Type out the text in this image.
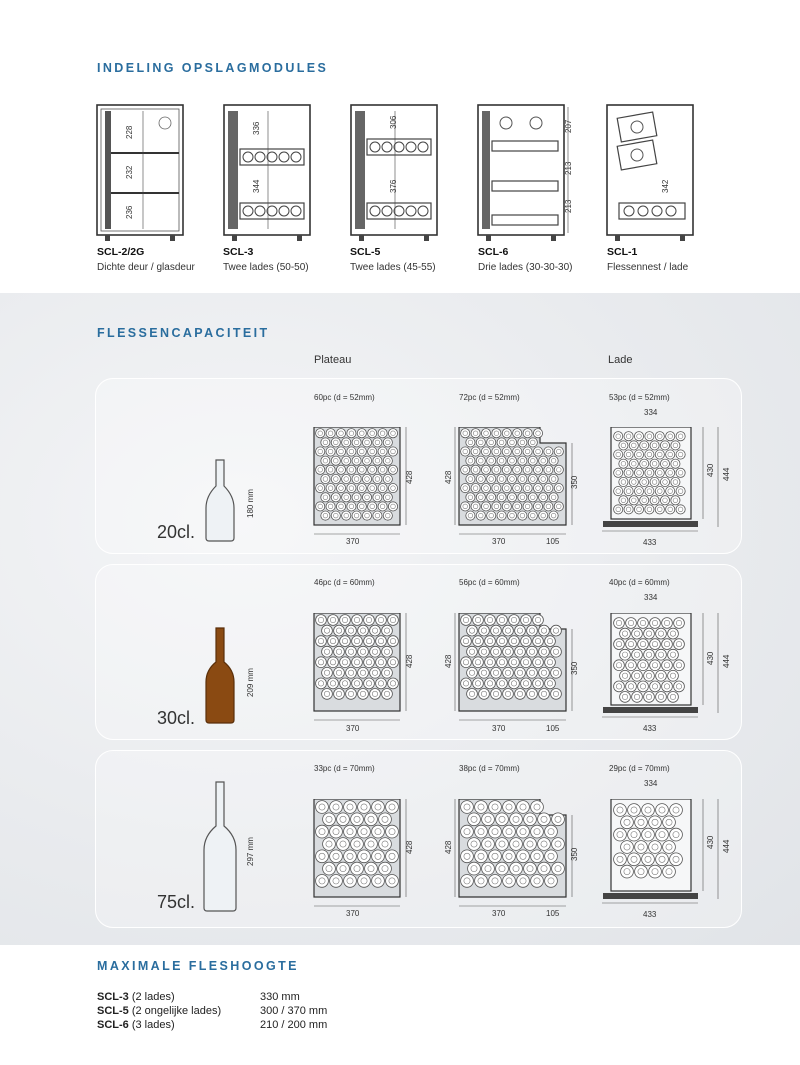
INDELING OPSLAGMODULES
228
232
236
SCL-2/2G
Dichte deur / glasdeur
336
344
SCL-3
Twee lades (50-50)
306
376
SCL-5
Twee lades (45-55)
207
213
213
SCL-6
Drie lades (30-30-30)
342
SCL-1
Flessennest / lade
FLESSENCAPACITEIT
Plateau	Lade
180 mm
209 mm
297 mm
20cl.
30cl.
75cl.
60pc (d = 52mm)	72pc (d = 52mm)	53pc (d = 52mm)
46pc (d = 60mm)	56pc (d = 60mm)	40pc (d = 60mm)
33pc (d = 70mm)	38pc (d = 70mm)	29pc (d = 70mm)
370
428	428
370	105
350
334
430 444
433
370
428	428
370	105
350
334
430 444
433
370
428	428
370	105
350
334
430 444
433
MAXIMALE FLESHOOGTE
SCL-3 (2 lades)	330 mm
SCL-5 (2 ongelijke lades)	300 / 370 mm
SCL-6 (3 lades)	210 / 200 mm
